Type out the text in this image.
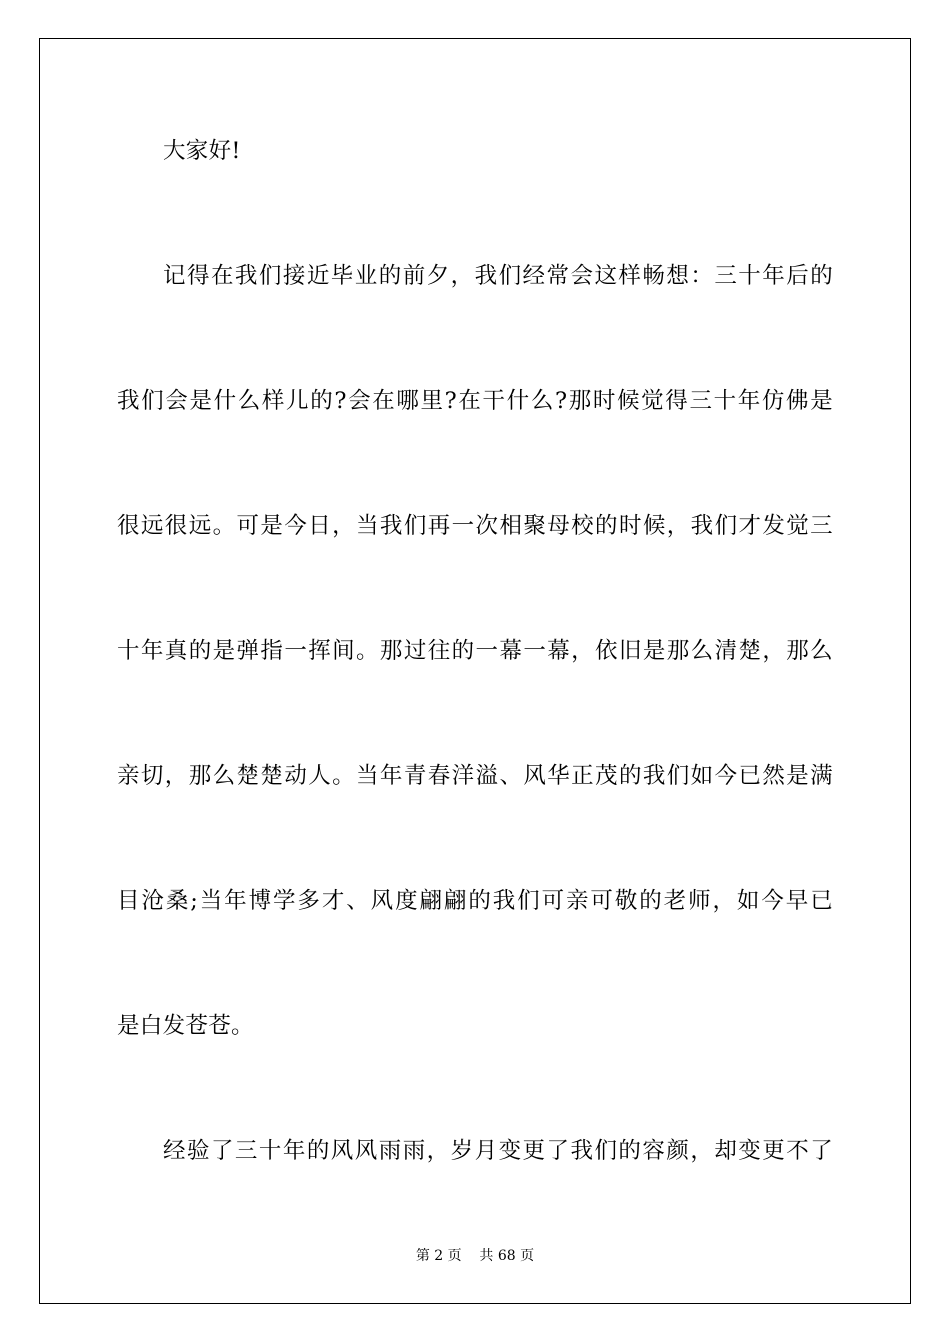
大家好!
记得在我们接近毕业的前夕，我们经常会这样畅想：三十年后的
我们会是什么样儿的?会在哪里?在干什么?那时候觉得三十年仿佛是
很远很远。可是今日，当我们再一次相聚母校的时候，我们才发觉三
十年真的是弹指一挥间。那过往的一幕一幕，依旧是那么清楚，那么
亲切，那么楚楚动人。当年青春洋溢、风华正茂的我们如今已然是满
目沧桑;当年博学多才、风度翩翩的我们可亲可敬的老师，如今早已
是白发苍苍。
经验了三十年的风风雨雨，岁月变更了我们的容颜，却变更不了
第 2 页    共 68 页
